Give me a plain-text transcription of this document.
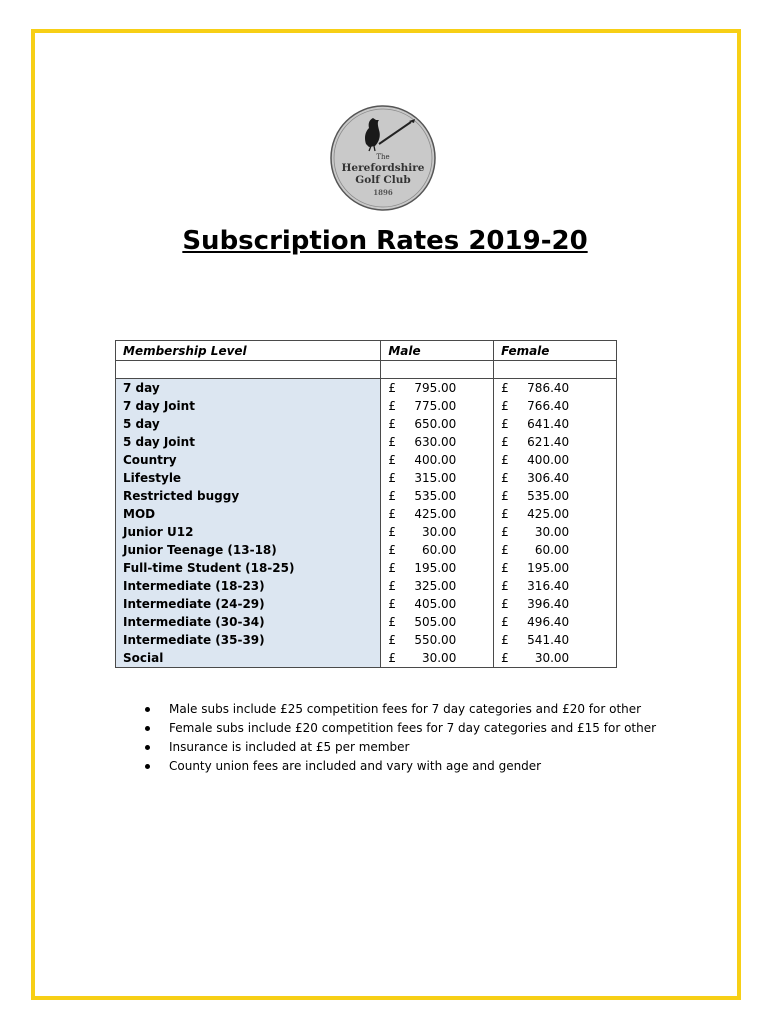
The
Herefordshire
Golf Club
1896
Subscription Rates 2019-20
Membership Level	Male	Female

7 day	£ 795.00	£ 786.40

7 day Joint	£ 775.00	£ 766.40

5 day	£ 650.00	£ 641.40

5 day Joint	£ 630.00	£ 621.40

Country	£ 400.00	£ 400.00

Lifestyle	£ 315.00	£ 306.40

Restricted buggy	£ 535.00	£ 535.00

MOD	£ 425.00	£ 425.00

Junior U12	£ 30.00	£ 30.00

Junior Teenage (13-18)	£ 60.00	£ 60.00

Full-time Student (18-25)	£ 195.00	£ 195.00

Intermediate (18-23)	£ 325.00	£ 316.40

Intermediate (24-29)	£ 405.00	£ 396.40

Intermediate (30-34)	£ 505.00	£ 496.40

Intermediate (35-39)	£ 550.00	£ 541.40

Social	£ 30.00	£ 30.00
Male subs include £25 competition fees for 7 day categories and £20 for other
Female subs include £20 competition fees for 7 day categories and £15 for other
Insurance is included at £5 per member
County union fees are included and vary with age and gender
